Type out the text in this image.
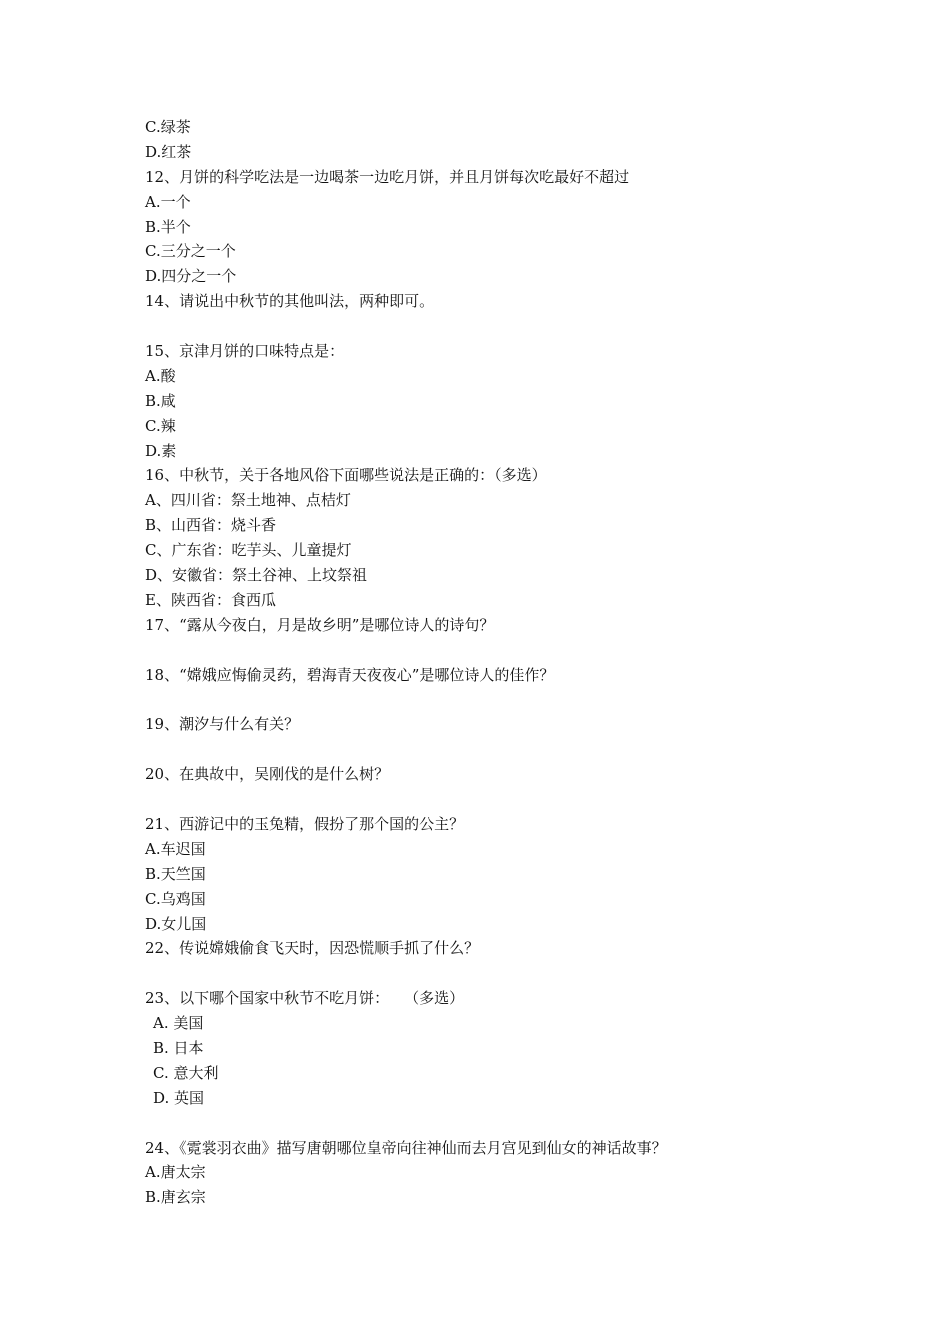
C.绿茶
D.红茶
12、月饼的科学吃法是一边喝茶一边吃月饼，并且月饼每次吃最好不超过
A.一个
B.半个
C.三分之一个
D.四分之一个
14、请说出中秋节的其他叫法，两种即可。
15、京津月饼的口味特点是：
A.酸
B.咸
C.辣
D.素
16、中秋节，关于各地风俗下面哪些说法是正确的：（多选）
A、四川省：祭土地神、点桔灯
B、山西省：烧斗香
C、广东省：吃芋头、儿童提灯
D、安徽省：祭土谷神、上坟祭祖
E、陕西省：食西瓜
17、“露从今夜白，月是故乡明”是哪位诗人的诗句？
18、“嫦娥应悔偷灵药，碧海青天夜夜心”是哪位诗人的佳作？
19、潮汐与什么有关？
20、在典故中，吴刚伐的是什么树？
21、西游记中的玉兔精，假扮了那个国的公主？
A.车迟国
B.天竺国
C.乌鸡国
D.女儿国
22、传说嫦娥偷食飞天时，因恐慌顺手抓了什么？
23、以下哪个国家中秋节不吃月饼：　　（多选）
A. 美国
B. 日本
C. 意大利
D. 英国
24、《霓裳羽衣曲》描写唐朝哪位皇帝向往神仙而去月宫见到仙女的神话故事？
A.唐太宗
B.唐玄宗
